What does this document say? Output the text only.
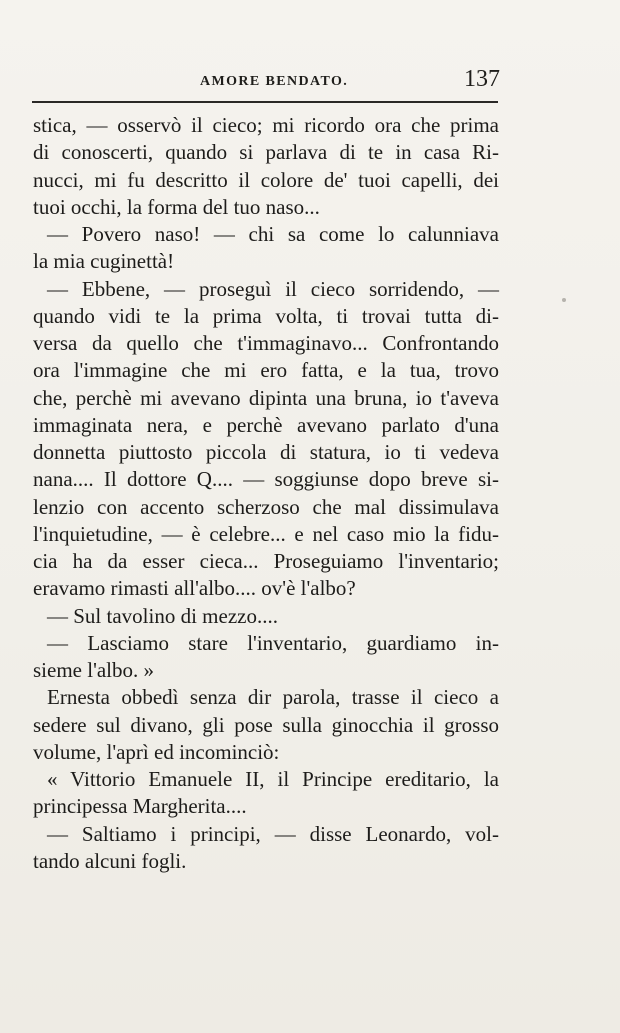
AMORE BENDATO.	137
stica, — osservò il cieco; mi ricordo ora che prima
di conoscerti, quando si parlava di te in casa Ri-
nucci, mi fu descritto il colore de' tuoi capelli, dei
tuoi occhi, la forma del tuo naso...
— Povero naso! — chi sa come lo calunniava
la mia cuginettà!
— Ebbene, — proseguì il cieco sorridendo, —
quando vidi te la prima volta, ti trovai tutta di-
versa da quello che t'immaginavo... Confrontando
ora l'immagine che mi ero fatta, e la tua, trovo
che, perchè mi avevano dipinta una bruna, io t'aveva
immaginata nera, e perchè avevano parlato d'una
donnetta piuttosto piccola di statura, io ti vedeva
nana.... Il dottore Q.... — soggiunse dopo breve si-
lenzio con accento scherzoso che mal dissimulava
l'inquietudine, — è celebre... e nel caso mio la fidu-
cia ha da esser cieca... Proseguiamo l'inventario;
eravamo rimasti all'albo.... ov'è l'albo?
— Sul tavolino di mezzo....
— Lasciamo stare l'inventario, guardiamo in-
sieme l'albo. »
Ernesta obbedì senza dir parola, trasse il cieco a
sedere sul divano, gli pose sulla ginocchia il grosso
volume, l'aprì ed incominciò:
« Vittorio Emanuele II, il Principe ereditario, la
principessa Margherita....
— Saltiamo i principi, — disse Leonardo, vol-
tando alcuni fogli.
